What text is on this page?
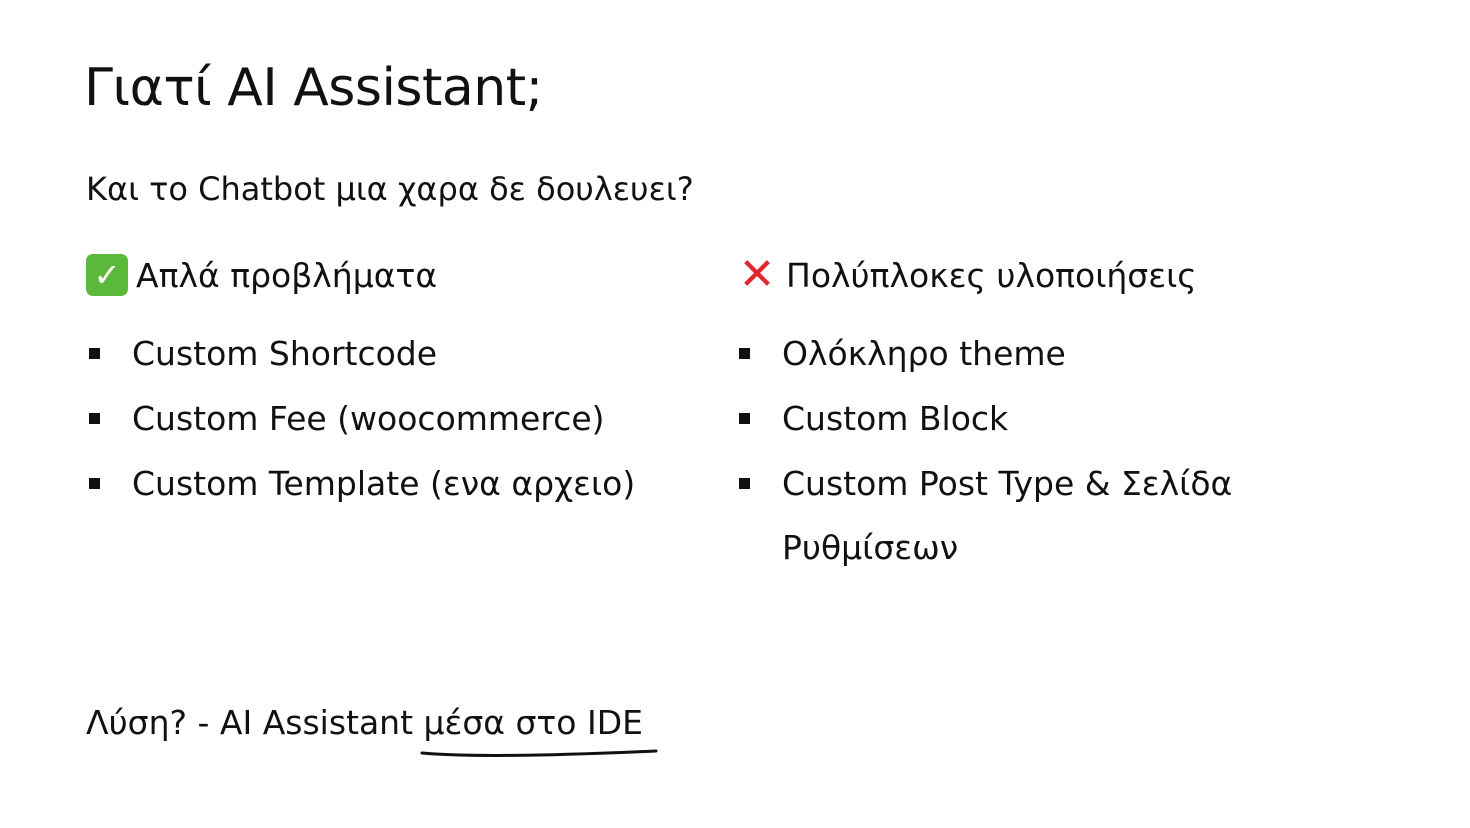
Γιατί AI Assistant;
Και το Chatbot μια χαρα δε δουλευει?
✓ Απλά προβλήματα
Custom Shortcode
Custom Fee (woocommerce)
Custom Template (ενα αρχειο)
✕ Πολύπλοκες υλοποιήσεις
Ολόκληρο theme
Custom Block
Custom Post Type & Σελίδα Ρυθμίσεων
Λύση? - AI Assistant μέσα στο IDE
